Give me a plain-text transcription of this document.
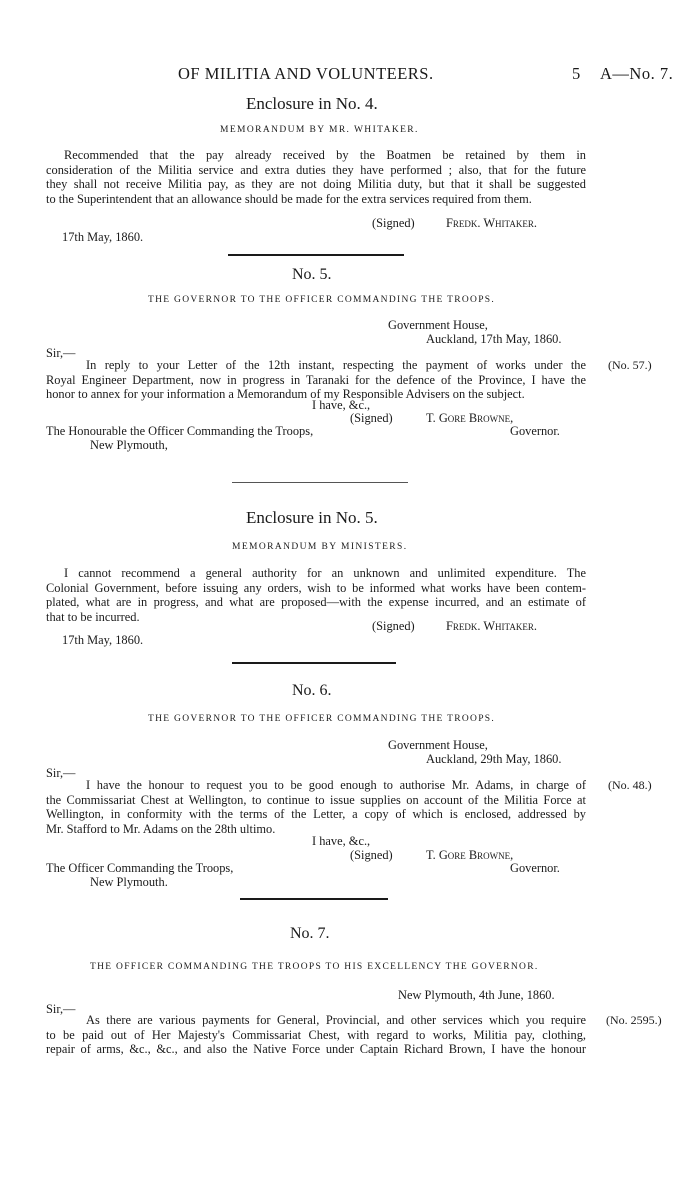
OF MILITIA AND VOLUNTEERS.	5 A—No. 7.
Enclosure in No. 4.
MEMORANDUM BY MR. WHITAKER.
Recommended that the pay already received by the Boatmen be retained by them in
consideration of the Militia service and extra duties they have performed ; also, that for the future
they shall not receive Militia pay, as they are not doing Militia duty, but that it shall be suggested
to the Superintendent that an allowance should be made for the extra services required from them.
(Signed)	Fredk. Whitaker.
17th May, 1860.
No. 5.
THE GOVERNOR TO THE OFFICER COMMANDING THE TROOPS.
Government House,
Auckland, 17th May, 1860.
Sir,—
In reply to your Letter of the 12th instant, respecting the payment of works under the
Royal Engineer Department, now in progress in Taranaki for the defence of the Province, I have the
honor to annex for your information a Memorandum of my Responsible Advisers on the subject.
(No. 57.)
I have, &c.,
(Signed)	T. Gore Browne,
The Honourable the Officer Commanding the Troops,	Governor.
New Plymouth,
Enclosure in No. 5.
MEMORANDUM BY MINISTERS.
I cannot recommend a general authority for an unknown and unlimited expenditure. The
Colonial Government, before issuing any orders, wish to be informed what works have been contem-
plated, what are in progress, and what are proposed—with the expense incurred, and an estimate of
that to be incurred.
(Signed)	Fredk. Whitaker.
17th May, 1860.
No. 6.
THE GOVERNOR TO THE OFFICER COMMANDING THE TROOPS.
Government House,
Auckland, 29th May, 1860.
Sir,—
I have the honour to request you to be good enough to authorise Mr. Adams, in charge of
the Commissariat Chest at Wellington, to continue to issue supplies on account of the Militia Force at
Wellington, in conformity with the terms of the Letter, a copy of which is enclosed, addressed by
Mr. Stafford to Mr. Adams on the 28th ultimo.
(No. 48.)
I have, &c.,
(Signed)	T. Gore Browne,
The Officer Commanding the Troops,	Governor.
New Plymouth.
No. 7.
THE OFFICER COMMANDING THE TROOPS TO HIS EXCELLENCY THE GOVERNOR.
New Plymouth, 4th June, 1860.
Sir,—
As there are various payments for General, Provincial, and other services which you require
to be paid out of Her Majesty's Commissariat Chest, with regard to works, Militia pay, clothing,
repair of arms, &c., &c., and also the Native Force under Captain Richard Brown, I have the honour
(No. 2595.)
